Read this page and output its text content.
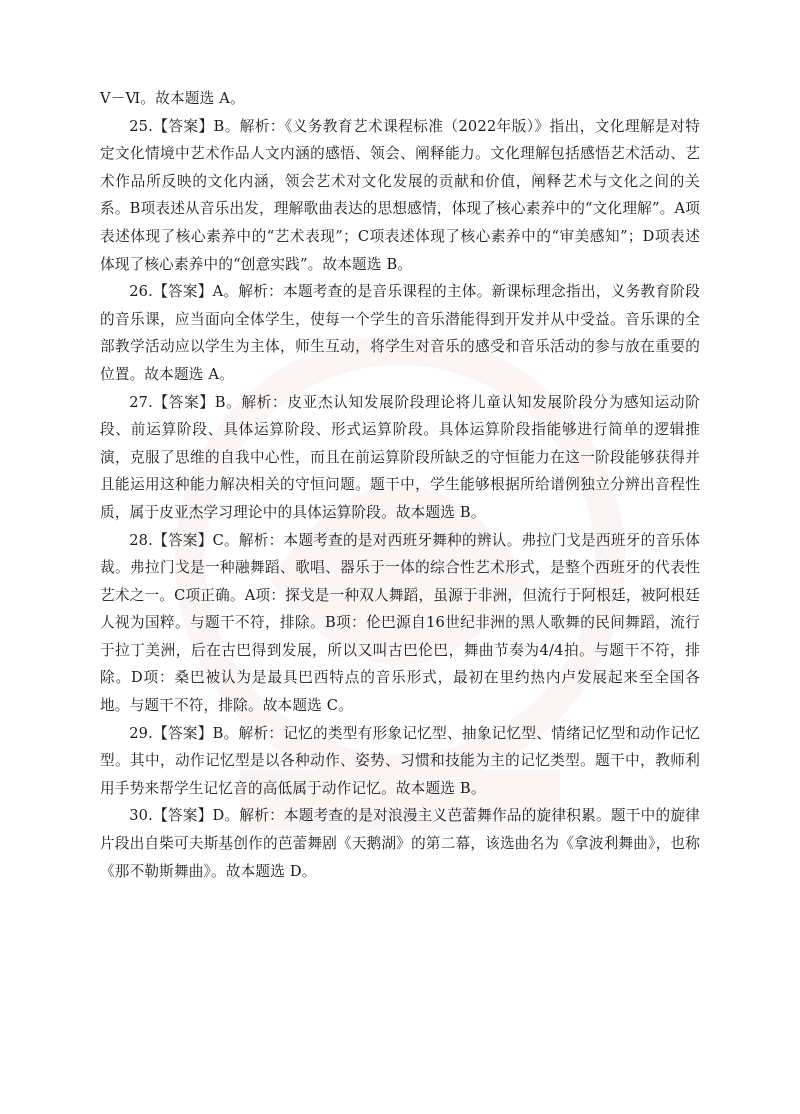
Ⅴ－Ⅵ。故本题选 A。

25.【答案】B。解析：《义务教育艺术课程标准（2022年版）》指出，文化理解是对特定文化情境中艺术作品人文内涵的感悟、领会、阐释能力。文化理解包括感悟艺术活动、艺术作品所反映的文化内涵，领会艺术对文化发展的贡献和价值，阐释艺术与文化之间的关系。B项表述从音乐出发，理解歌曲表达的思想感情，体现了核心素养中的“文化理解”。A项表述体现了核心素养中的“艺术表现”；C项表述体现了核心素养中的“审美感知”；D项表述体现了核心素养中的“创意实践”。故本题选 B。

26.【答案】A。解析：本题考查的是音乐课程的主体。新课标理念指出，义务教育阶段的音乐课，应当面向全体学生，使每一个学生的音乐潜能得到开发并从中受益。音乐课的全部教学活动应以学生为主体，师生互动，将学生对音乐的感受和音乐活动的参与放在重要的位置。故本题选 A。

27.【答案】B。解析：皮亚杰认知发展阶段理论将儿童认知发展阶段分为感知运动阶段、前运算阶段、具体运算阶段、形式运算阶段。具体运算阶段指能够进行简单的逻辑推演，克服了思维的自我中心性，而且在前运算阶段所缺乏的守恒能力在这一阶段能够获得并且能运用这种能力解决相关的守恒问题。题干中，学生能够根据所给谱例独立分辨出音程性质，属于皮亚杰学习理论中的具体运算阶段。故本题选 B。

28.【答案】C。解析：本题考查的是对西班牙舞种的辨认。弗拉门戈是西班牙的音乐体裁。弗拉门戈是一种融舞蹈、歌唱、器乐于一体的综合性艺术形式，是整个西班牙的代表性艺术之一。C项正确。A项：探戈是一种双人舞蹈，虽源于非洲，但流行于阿根廷，被阿根廷人视为国粹。与题干不符，排除。B项：伦巴源自16世纪非洲的黑人歌舞的民间舞蹈，流行于拉丁美洲，后在古巴得到发展，所以又叫古巴伦巴，舞曲节奏为4/4拍。与题干不符，排除。D项：桑巴被认为是最具巴西特点的音乐形式，最初在里约热内卢发展起来至全国各地。与题干不符，排除。故本题选 C。

29.【答案】B。解析：记忆的类型有形象记忆型、抽象记忆型、情绪记忆型和动作记忆型。其中，动作记忆型是以各种动作、姿势、习惯和技能为主的记忆类型。题干中，教师利用手势来帮学生记忆音的高低属于动作记忆。故本题选 B。

30.【答案】D。解析：本题考查的是对浪漫主义芭蕾舞作品的旋律积累。题干中的旋律片段出自柴可夫斯基创作的芭蕾舞剧《天鹅湖》的第二幕，该选曲名为《拿波利舞曲》，也称《那不勒斯舞曲》。故本题选 D。
